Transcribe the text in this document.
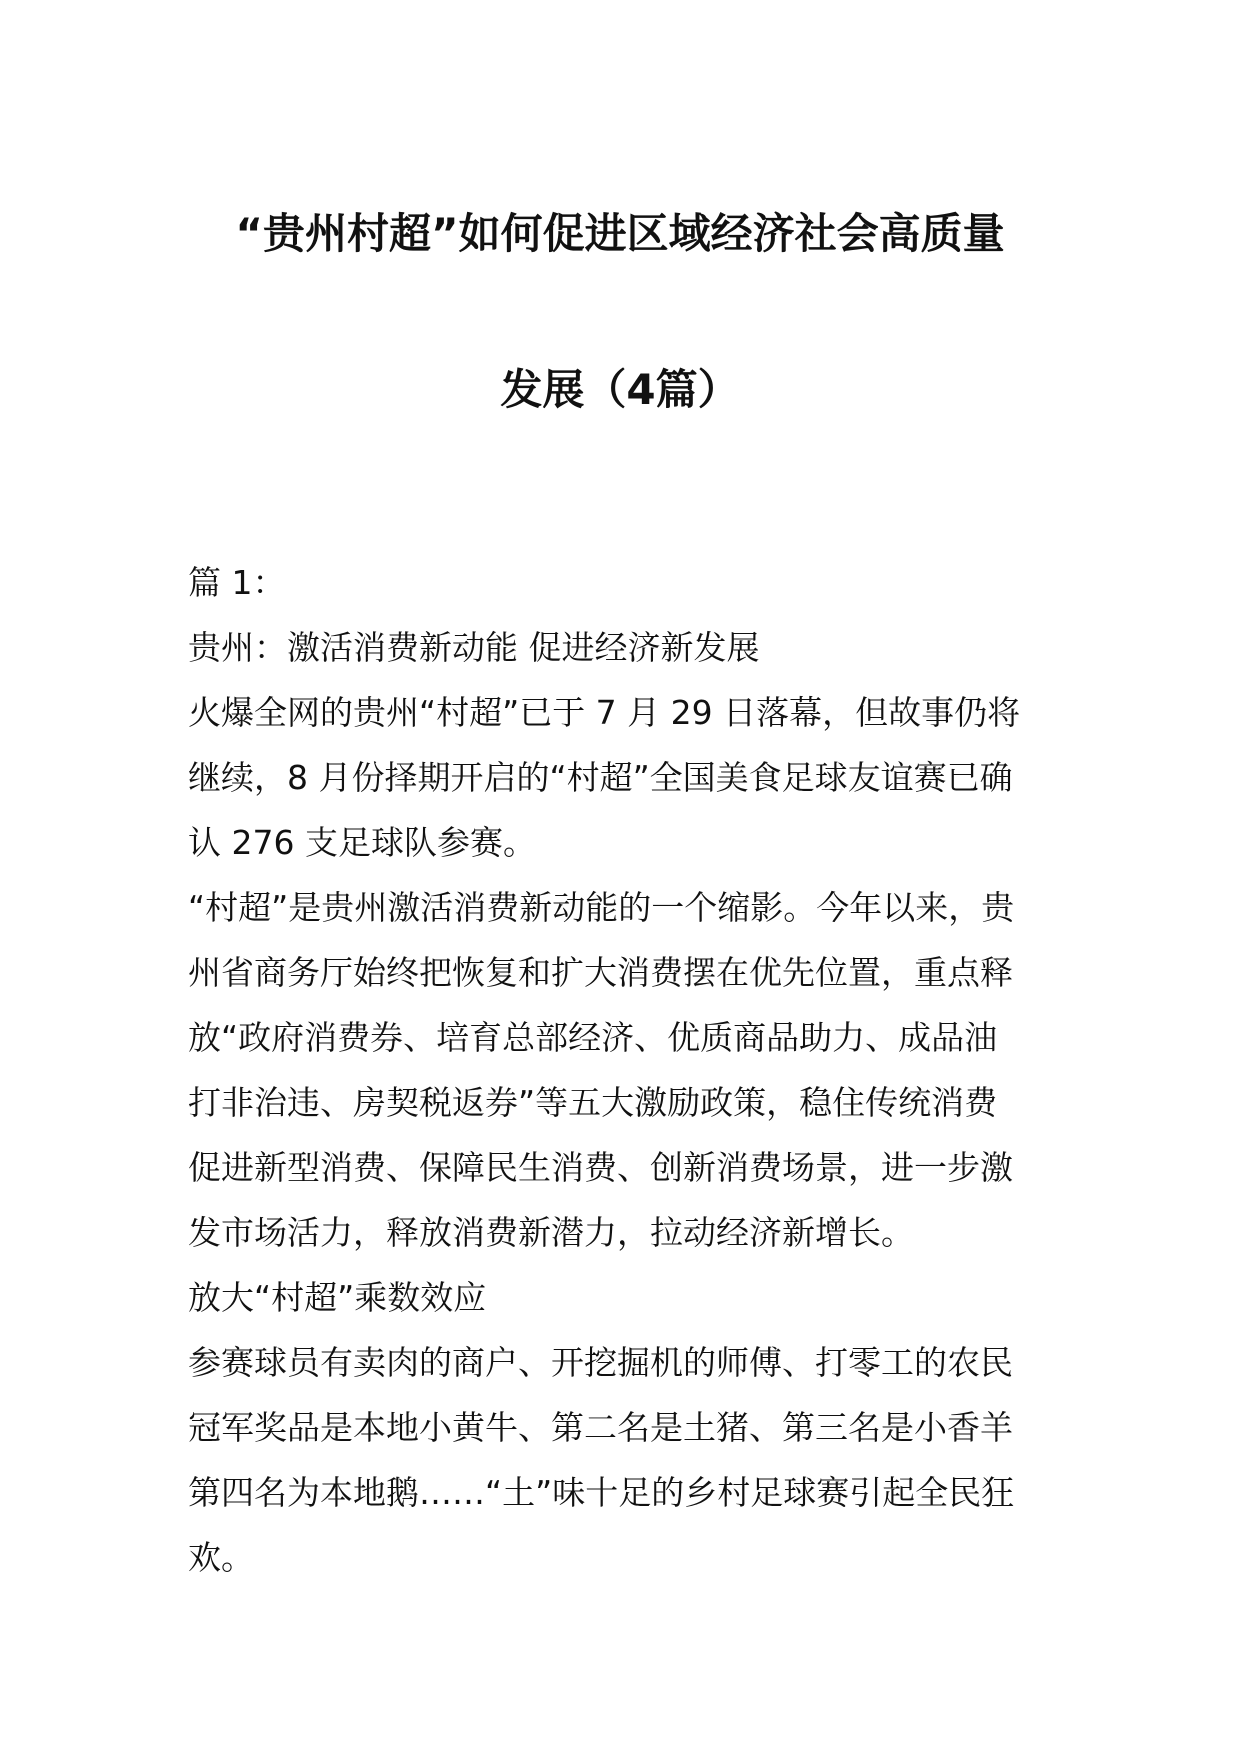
“贵州村超”如何促进区域经济社会高质量
发展（4篇）
篇 1：
贵州：激活消费新动能 促进经济新发展
火爆全网的贵州“村超”已于 7 月 29 日落幕，但故事仍将
继续，8 月份择期开启的“村超”全国美食足球友谊赛已确
认 276 支足球队参赛。
“村超”是贵州激活消费新动能的一个缩影。今年以来，贵
州省商务厅始终把恢复和扩大消费摆在优先位置，重点释
放“政府消费券、培育总部经济、优质商品助力、成品油
打非治违、房契税返券”等五大激励政策，稳住传统消费
促进新型消费、保障民生消费、创新消费场景，进一步激
发市场活力，释放消费新潜力，拉动经济新增长。
放大“村超”乘数效应
参赛球员有卖肉的商户、开挖掘机的师傅、打零工的农民
冠军奖品是本地小黄牛、第二名是土猪、第三名是小香羊
第四名为本地鹅……“土”味十足的乡村足球赛引起全民狂
欢。
